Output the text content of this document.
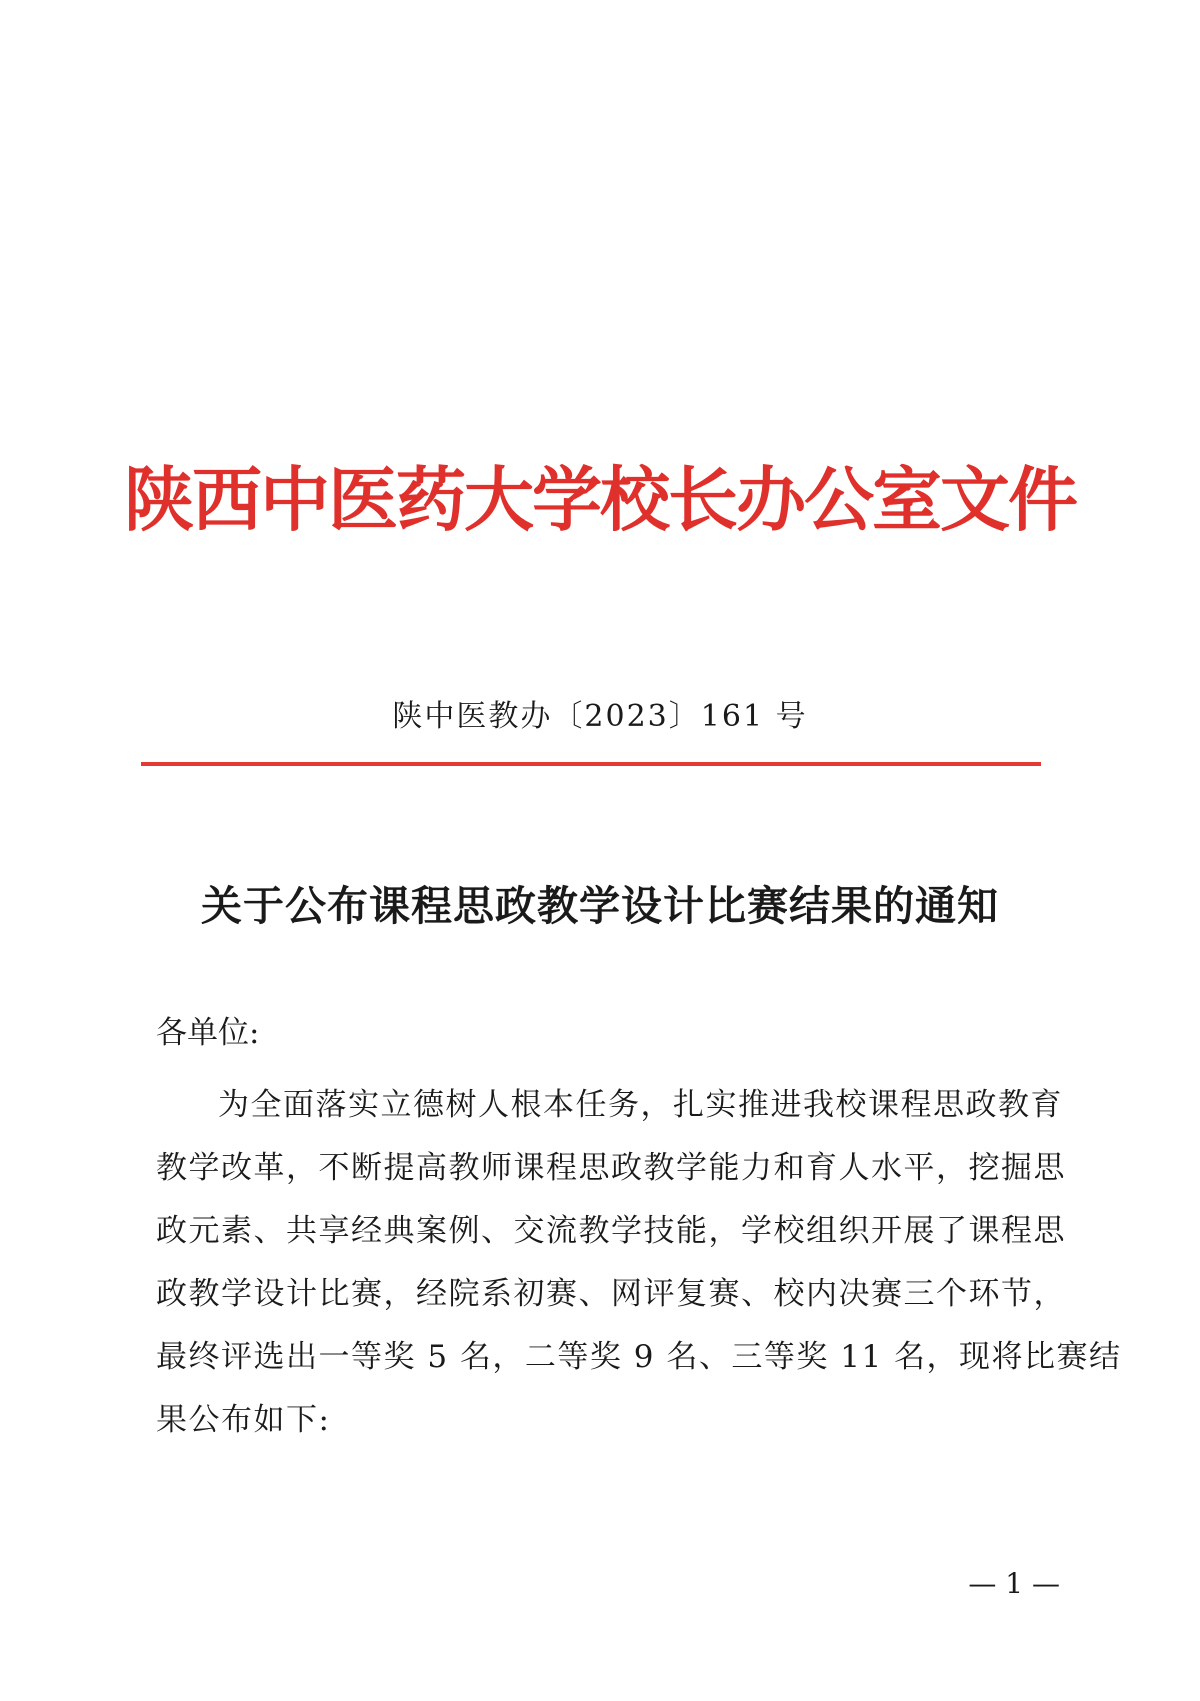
陕西中医药大学校长办公室文件
陕中医教办〔2023〕161 号
关于公布课程思政教学设计比赛结果的通知
各单位:
为全面落实立德树人根本任务，扎实推进我校课程思政教育
教学改革，不断提高教师课程思政教学能力和育人水平，挖掘思
政元素、共享经典案例、交流教学技能，学校组织开展了课程思
政教学设计比赛，经院系初赛、网评复赛、校内决赛三个环节，
最终评选出一等奖 5 名，二等奖 9 名、三等奖 11 名，现将比赛结
果公布如下:
— 1 —
